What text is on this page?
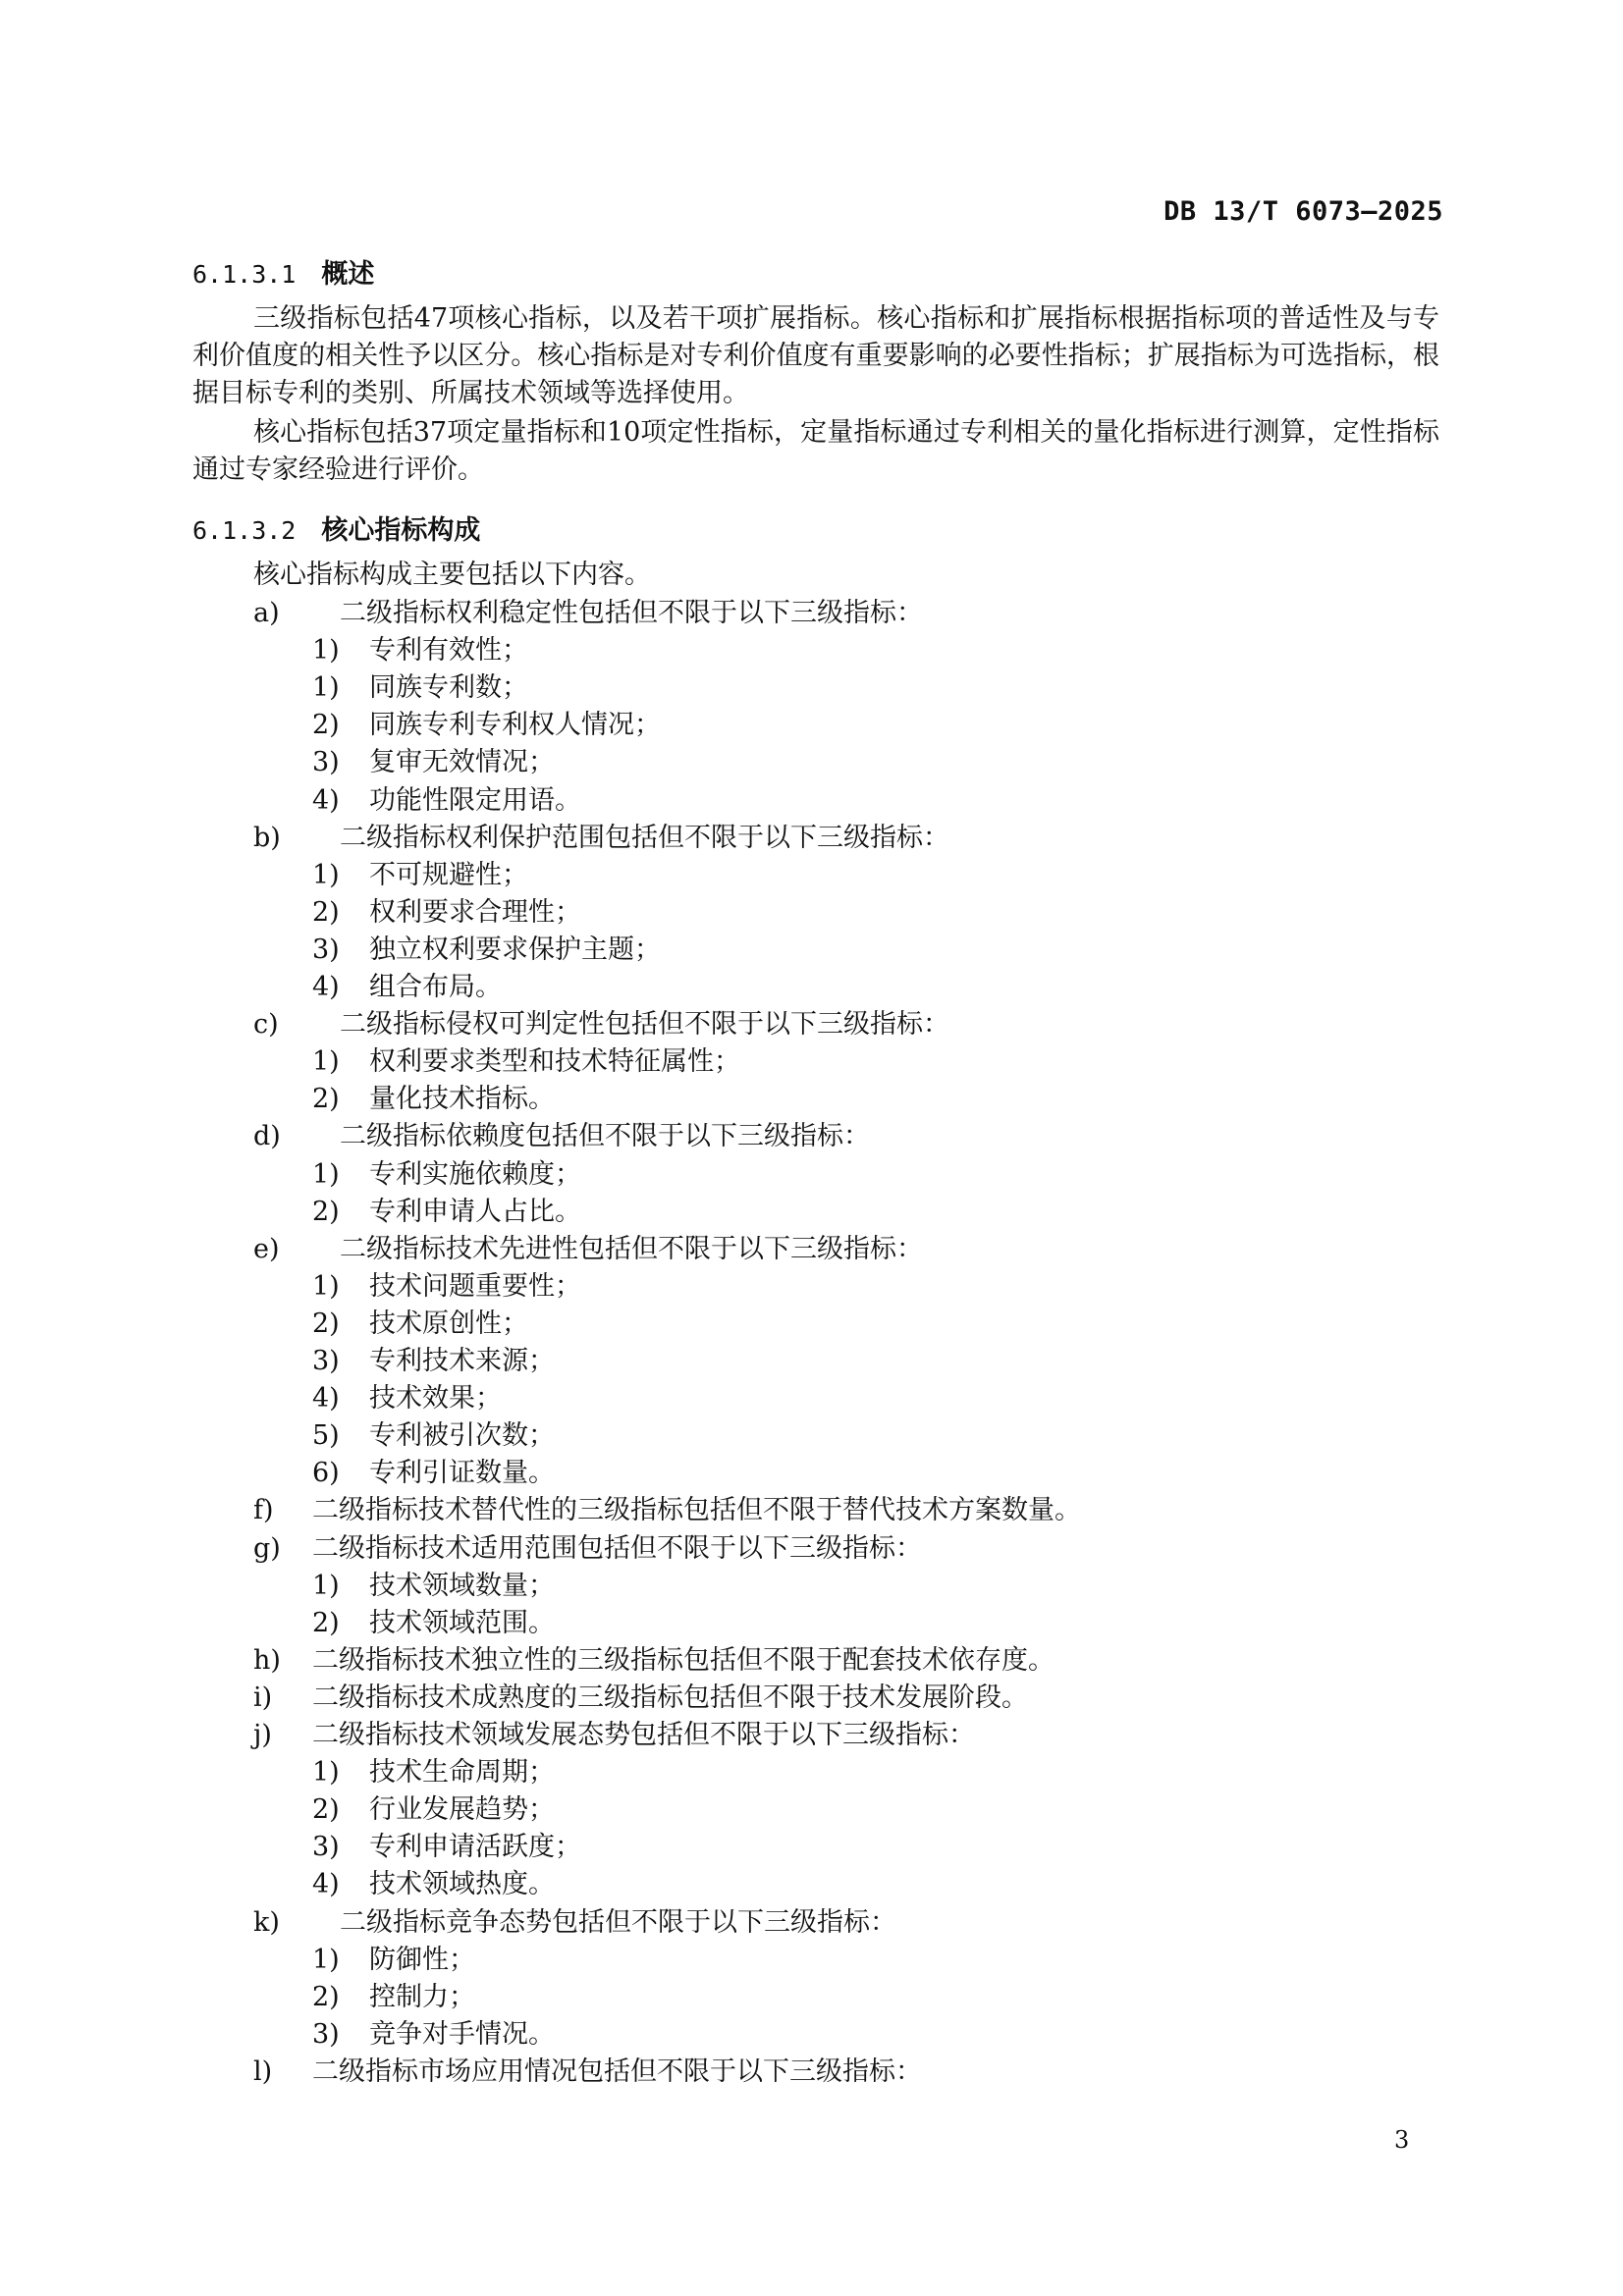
DB 13/T 6073—2025
6.1.3.1 概述
三级指标包括47项核心指标，以及若干项扩展指标。核心指标和扩展指标根据指标项的普适性及与专利价值度的相关性予以区分。核心指标是对专利价值度有重要影响的必要性指标；扩展指标为可选指标，根据目标专利的类别、所属技术领域等选择使用。
核心指标包括37项定量指标和10项定性指标，定量指标通过专利相关的量化指标进行测算，定性指标通过专家经验进行评价。
6.1.3.2 核心指标构成
核心指标构成主要包括以下内容。
a) 二级指标权利稳定性包括但不限于以下三级指标：
1) 专利有效性；
1) 同族专利数；
2) 同族专利专利权人情况；
3) 复审无效情况；
4) 功能性限定用语。
b) 二级指标权利保护范围包括但不限于以下三级指标：
1) 不可规避性；
2) 权利要求合理性；
3) 独立权利要求保护主题；
4) 组合布局。
c) 二级指标侵权可判定性包括但不限于以下三级指标：
1) 权利要求类型和技术特征属性；
2) 量化技术指标。
d) 二级指标依赖度包括但不限于以下三级指标：
1) 专利实施依赖度；
2) 专利申请人占比。
e) 二级指标技术先进性包括但不限于以下三级指标：
1) 技术问题重要性；
2) 技术原创性；
3) 专利技术来源；
4) 技术效果；
5) 专利被引次数；
6) 专利引证数量。
f) 二级指标技术替代性的三级指标包括但不限于替代技术方案数量。
g) 二级指标技术适用范围包括但不限于以下三级指标：
1) 技术领域数量；
2) 技术领域范围。
h) 二级指标技术独立性的三级指标包括但不限于配套技术依存度。
i) 二级指标技术成熟度的三级指标包括但不限于技术发展阶段。
j) 二级指标技术领域发展态势包括但不限于以下三级指标：
1) 技术生命周期；
2) 行业发展趋势；
3) 专利申请活跃度；
4) 技术领域热度。
k) 二级指标竞争态势包括但不限于以下三级指标：
1) 防御性；
2) 控制力；
3) 竞争对手情况。
l) 二级指标市场应用情况包括但不限于以下三级指标：
3
